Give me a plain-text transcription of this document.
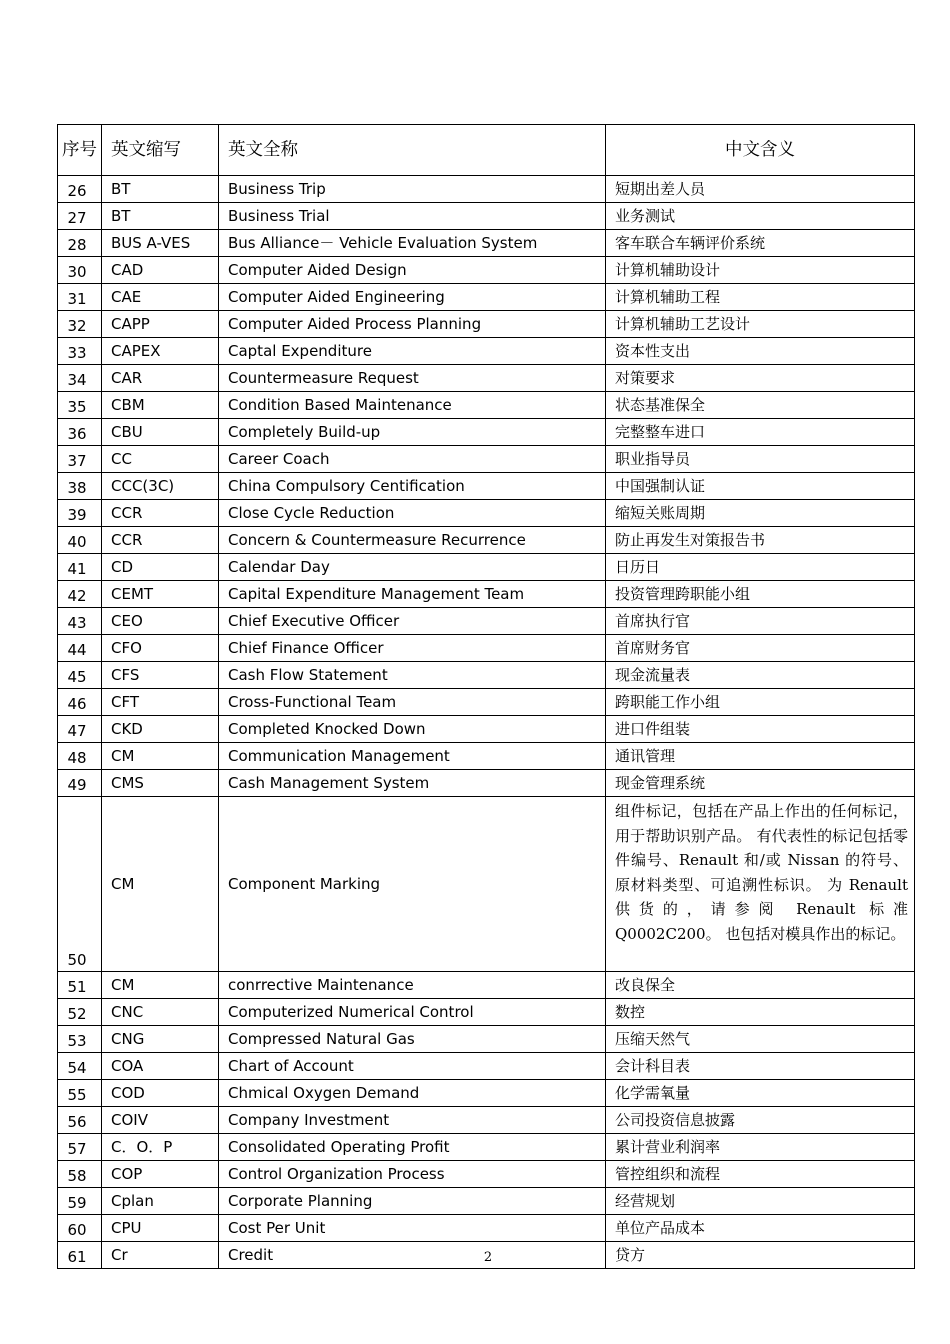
序号	英文缩写	英文全称	中文含义
26	BT	Business Trip	短期出差人员
27	BT	Business Trial	业务测试
28	BUS A-VES	Bus Alliance－ Vehicle Evaluation System	客车联合车辆评价系统
30	CAD	Computer Aided Design	计算机辅助设计
31	CAE	Computer Aided Engineering	计算机辅助工程
32	CAPP	Computer Aided Process Planning	计算机辅助工艺设计
33	CAPEX	Captal Expenditure	资本性支出
34	CAR	Countermeasure Request	对策要求
35	CBM	Condition Based Maintenance	状态基准保全
36	CBU	Completely Build-up	完整整车进口
37	CC	Career Coach	职业指导员
38	CCC(3C)	China Compulsory Centification	中国强制认证
39	CCR	Close Cycle Reduction	缩短关账周期
40	CCR	Concern & Countermeasure Recurrence	防止再发生对策报告书
41	CD	Calendar Day	日历日
42	CEMT	Capital Expenditure Management Team	投资管理跨职能小组
43	CEO	Chief Executive Officer	首席执行官
44	CFO	Chief Finance Officer	首席财务官
45	CFS	Cash Flow Statement	现金流量表
46	CFT	Cross-Functional Team	跨职能工作小组
47	CKD	Completed Knocked Down	进口件组装
48	CM	Communication Management	通讯管理
49	CMS	Cash Management System	现金管理系统
50	CM	Component Marking	组件标记，包括在产品上作出的任何标记，用于帮助识别产品。 有代表性的标记包括零件编号、Renault 和/或 Nissan 的符号、原材料类型、可追溯性标识。 为 Renault 供货的，请参阅 Renault 标准 Q0002C200。 也包括对模具作出的标记。
51	CM	conrrective Maintenance	改良保全
52	CNC	Computerized Numerical Control	数控
53	CNG	Compressed Natural Gas	压缩天然气
54	COA	Chart of Account	会计科目表
55	COD	Chmical Oxygen Demand	化学需氧量
56	COIV	Company Investment	公司投资信息披露
57	C．O．P	Consolidated Operating Profit	累计营业利润率
58	COP	Control Organization Process	管控组织和流程
59	Cplan	Corporate Planning	经营规划
60	CPU	Cost Per Unit	单位产品成本
61	Cr	Credit	贷方
2
